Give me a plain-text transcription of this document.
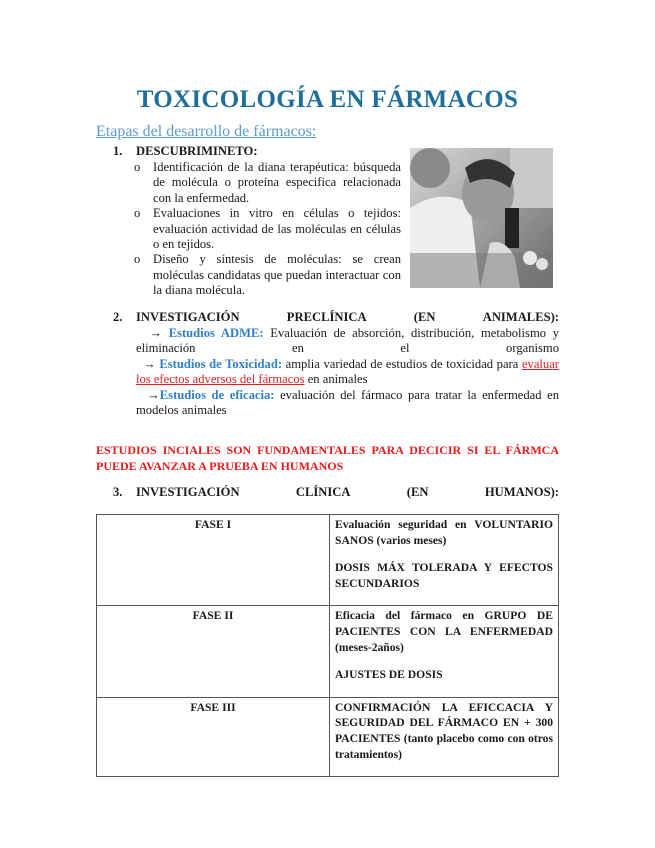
TOXICOLOGÍA EN FÁRMACOS
Etapas del desarrollo de fármacos:
1. DESCUBRIMINETO:
o Identificación de la diana terapéutica: búsqueda de molécula o proteína especifica relacionada con la enfermedad.
o Evaluaciones in vitro en células o tejidos: evaluación actividad de las moléculas en células o en tejidos.
o Diseño y síntesis de moléculas: se crean moléculas candidatas que puedan interactuar con la diana molécula.
2. INVESTIGACIÓN	PRECLÍNICA	(EN	ANIMALES):
→ Estudios ADME: Evaluación de absorción, distribución, metabolismo y eliminación en el organismo
→ Estudios de Toxicidad: amplia variedad de estudios de toxicidad para evaluar los efectos adversos del fármacos en animales
→Estudios de eficacia: evaluación del fármaco para tratar la enfermedad en modelos animales
ESTUDIOS INCIALES SON FUNDAMENTALES PARA DECICIR SI EL FÁRMCA PUEDE AVANZAR A PRUEBA EN HUMANOS
3. INVESTIGACIÓN	CLÍNICA	(EN	HUMANOS):
FASE I	Evaluación seguridad en VOLUNTARIO SANOS (varios meses)

DOSIS MÁX TOLERADA Y EFECTOS SECUNDARIOS

FASE II	Eficacia del fármaco en GRUPO DE PACIENTES CON LA ENFERMEDAD (meses-2años)

AJUSTES DE DOSIS

FASE III	CONFIRMACIÓN LA EFICCACIA Y SEGURIDAD DEL FÁRMACO EN + 300 PACIENTES (tanto placebo como con otros tratamientos)
